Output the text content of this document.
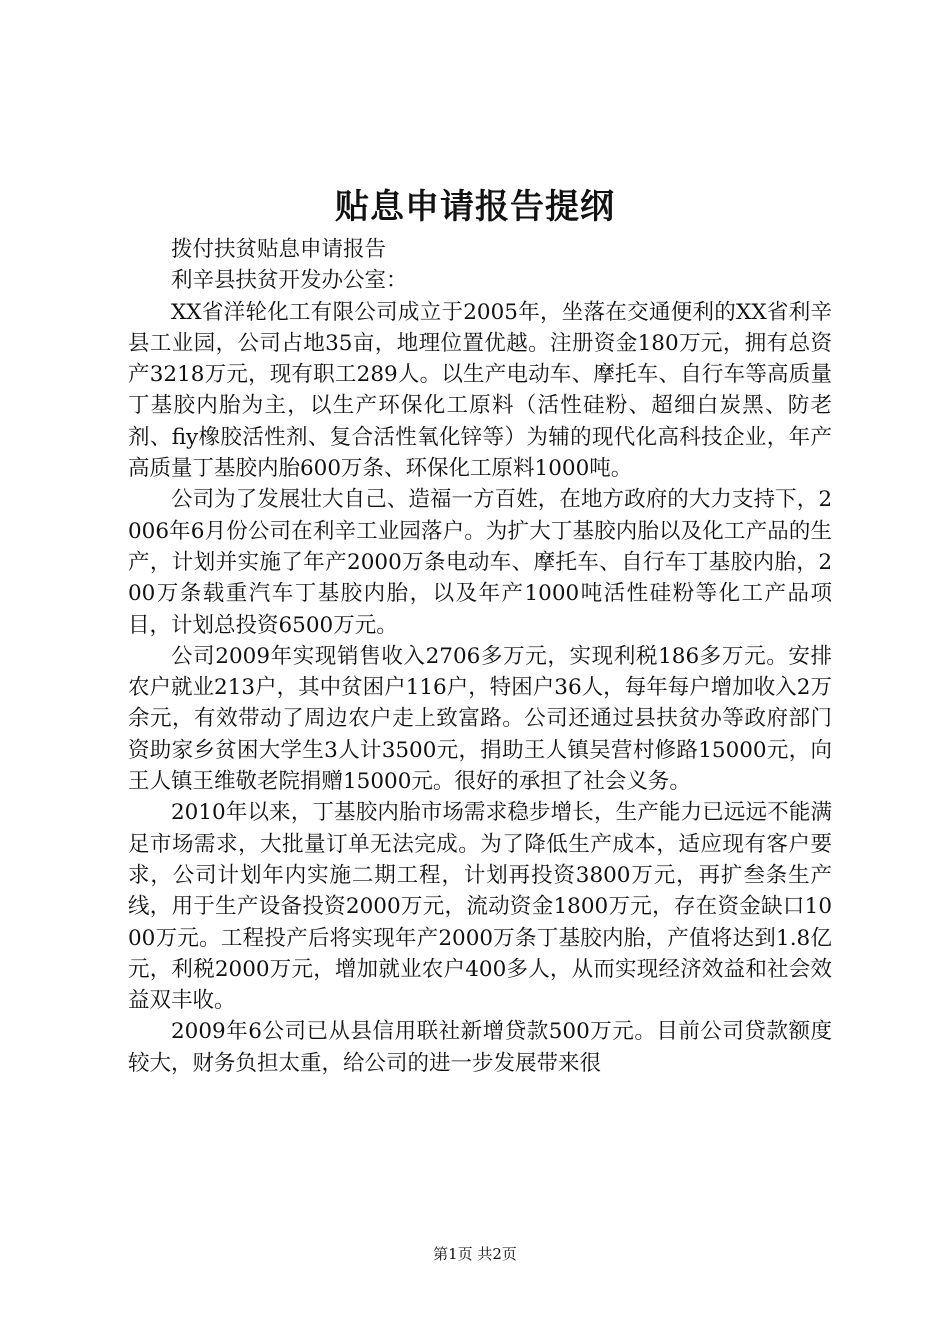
贴息申请报告提纲

拨付扶贫贴息申请报告

利辛县扶贫开发办公室：

XX省洋轮化工有限公司成立于2005年，坐落在交通便利的XX省利辛县工业园，公司占地35亩，地理位置优越。注册资金180万元，拥有总资产3218万元，现有职工289人。以生产电动车、摩托车、自行车等高质量丁基胶内胎为主，以生产环保化工原料（活性硅粉、超细白炭黑、防老剂、fiy橡胶活性剂、复合活性氧化锌等）为辅的现代化高科技企业，年产高质量丁基胶内胎600万条、环保化工原料1000吨。

公司为了发展壮大自己、造福一方百姓，在地方政府的大力支持下，2006年6月份公司在利辛工业园落户。为扩大丁基胶内胎以及化工产品的生产，计划并实施了年产2000万条电动车、摩托车、自行车丁基胶内胎，200万条载重汽车丁基胶内胎，以及年产1000吨活性硅粉等化工产品项目，计划总投资6500万元。

公司2009年实现销售收入2706多万元，实现利税186多万元。安排农户就业213户，其中贫困户116户，特困户36人，每年每户增加收入2万余元，有效带动了周边农户走上致富路。公司还通过县扶贫办等政府部门资助家乡贫困大学生3人计3500元，捐助王人镇吴营村修路15000元，向王人镇王维敬老院捐赠15000元。很好的承担了社会义务。

2010年以来，丁基胶内胎市场需求稳步增长，生产能力已远远不能满足市场需求，大批量订单无法完成。为了降低生产成本，适应现有客户要求，公司计划年内实施二期工程，计划再投资3800万元，再扩叁条生产线，用于生产设备投资2000万元，流动资金1800万元，存在资金缺口1000万元。工程投产后将实现年产2000万条丁基胶内胎，产值将达到1.8亿元，利税2000万元，增加就业农户400多人，从而实现经济效益和社会效益双丰收。

2009年6公司已从县信用联社新增贷款500万元。目前公司贷款额度较大，财务负担太重，给公司的进一步发展带来很

第1页 共2页
